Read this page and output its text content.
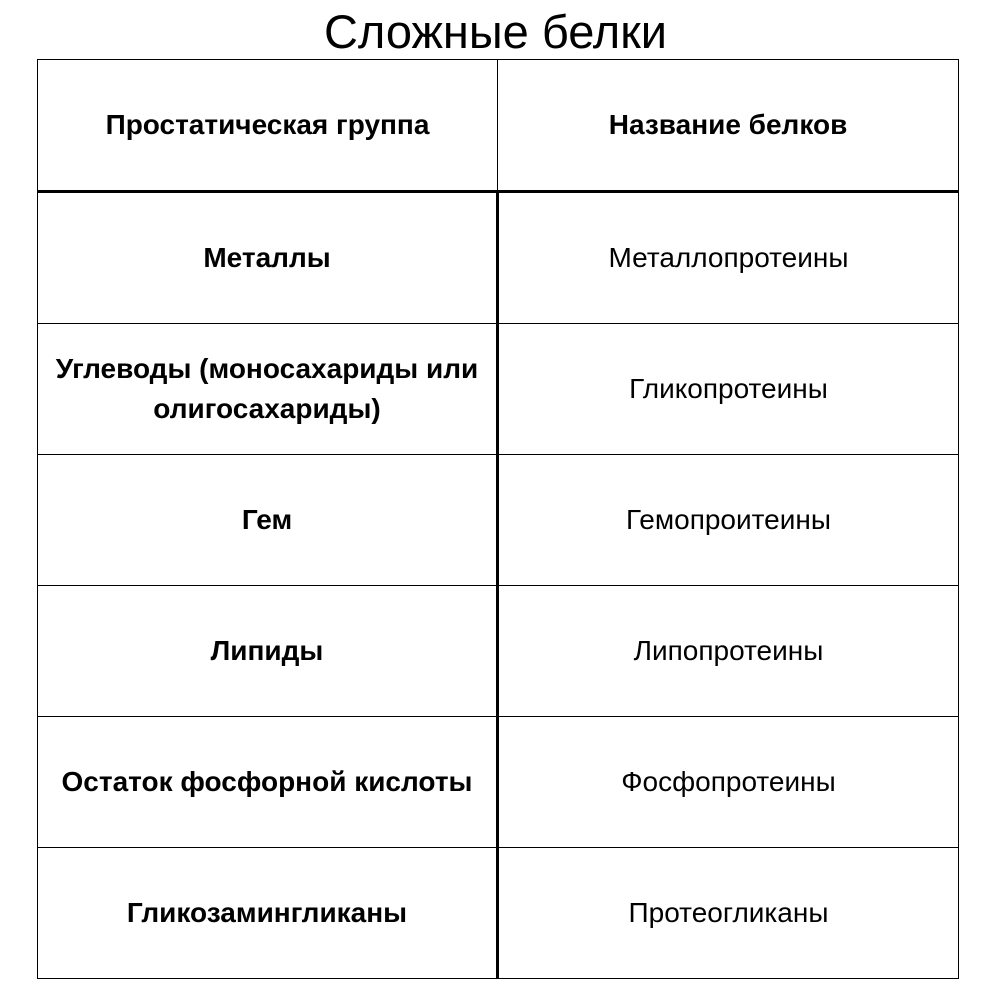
Сложные белки
Простатическая группа	Название белков
Металлы	Металлопротеины
Углеводы (моносахариды или олигосахариды)	Гликопротеины
Гем	Гемопроитеины
Липиды	Липопротеины
Остаток фосфорной кислоты	Фосфопротеины
Гликозамингликаны	Протеогликаны
